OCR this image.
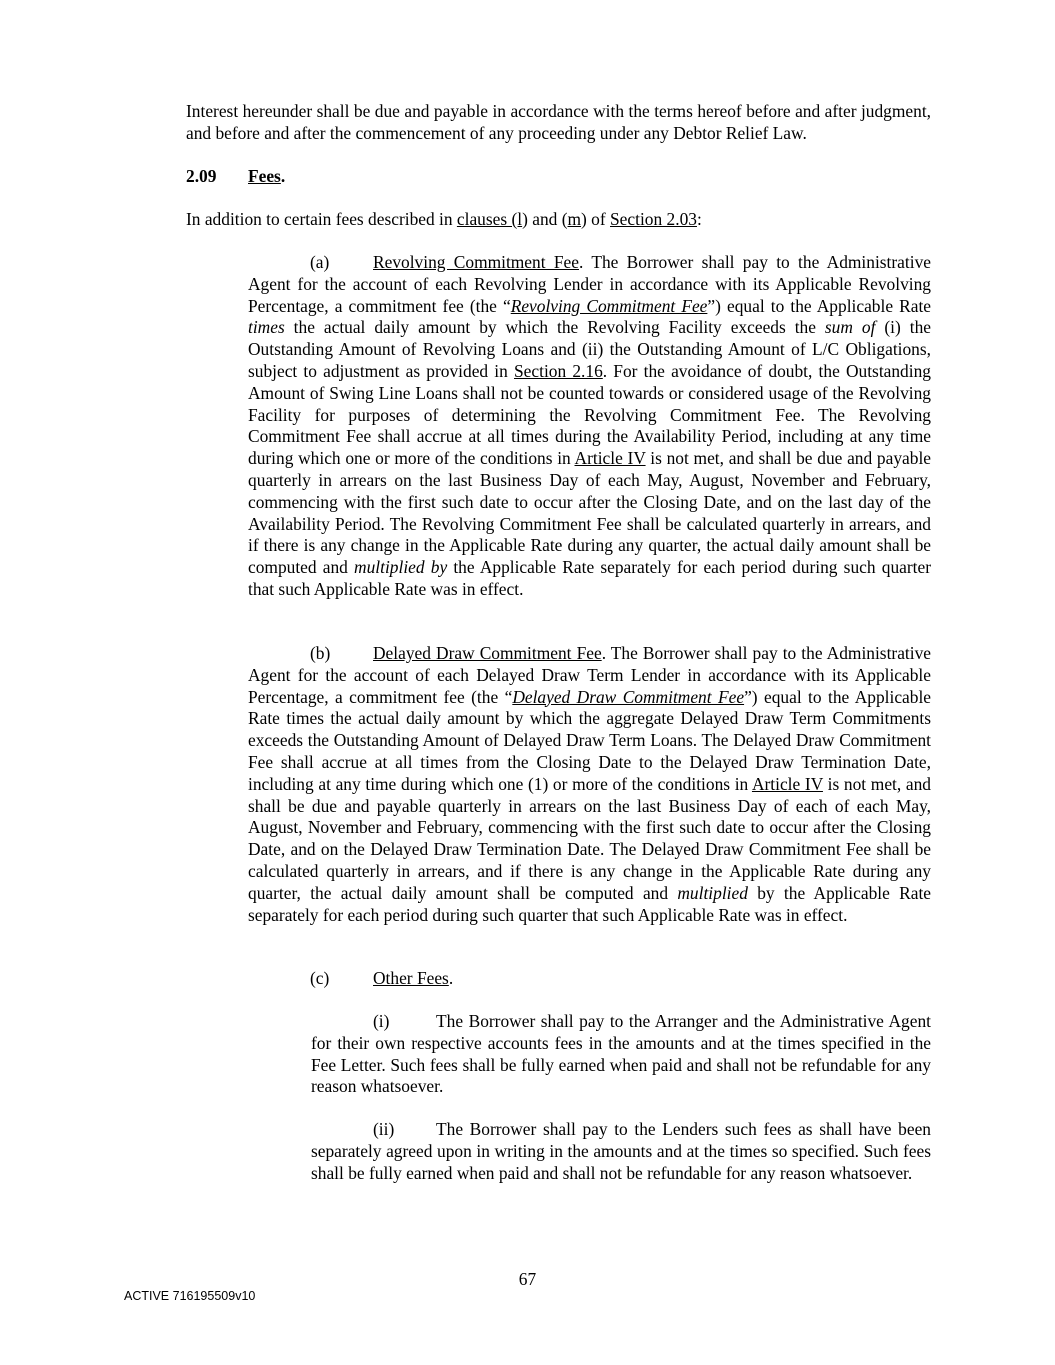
Interest hereunder shall be due and payable in accordance with the terms hereof before and after judgment, and before and after the commencement of any proceeding under any Debtor Relief Law.

2.09 Fees.

In addition to certain fees described in clauses (l) and (m) of Section 2.03:

(a)	Revolving Commitment Fee. The Borrower shall pay to the Administrative Agent for the account of each Revolving Lender in accordance with its Applicable Revolving Percentage, a commitment fee (the “Revolving Commitment Fee”) equal to the Applicable Rate times the actual daily amount by which the Revolving Facility exceeds the sum of (i) the Outstanding Amount of Revolving Loans and (ii) the Outstanding Amount of L/C Obligations, subject to adjustment as provided in Section 2.16. For the avoidance of doubt, the Outstanding Amount of Swing Line Loans shall not be counted towards or considered usage of the Revolving Facility for purposes of determining the Revolving Commitment Fee. The Revolving Commitment Fee shall accrue at all times during the Availability Period, including at any time during which one or more of the conditions in Article IV is not met, and shall be due and payable quarterly in arrears on the last Business Day of each May, August, November and February, commencing with the first such date to occur after the Closing Date, and on the last day of the Availability Period. The Revolving Commitment Fee shall be calculated quarterly in arrears, and if there is any change in the Applicable Rate during any quarter, the actual daily amount shall be computed and multiplied by the Applicable Rate separately for each period during such quarter that such Applicable Rate was in effect.

(b) Delayed Draw Commitment Fee. The Borrower shall pay to the Administrative Agent for the account of each Delayed Draw Term Lender in accordance with its Applicable Percentage, a commitment fee (the “Delayed Draw Commitment Fee”) equal to the Applicable Rate times the actual daily amount by which the aggregate Delayed Draw Term Commitments exceeds the Outstanding Amount of Delayed Draw Term Loans. The Delayed Draw Commitment Fee shall accrue at all times from the Closing Date to the Delayed Draw Termination Date, including at any time during which one (1) or more of the conditions in Article IV is not met, and shall be due and payable quarterly in arrears on the last Business Day of each of each May, August, November and February, commencing with the first such date to occur after the Closing Date, and on the Delayed Draw Termination Date. The Delayed Draw Commitment Fee shall be calculated quarterly in arrears, and if there is any change in the Applicable Rate during any quarter, the actual daily amount shall be computed and multiplied by the Applicable Rate separately for each period during such quarter that such Applicable Rate was in effect.

(c)	Other Fees.

(i)	The Borrower shall pay to the Arranger and the Administrative Agent for their own respective accounts fees in the amounts and at the times specified in the Fee Letter. Such fees shall be fully earned when paid and shall not be refundable for any reason whatsoever.

(ii) The Borrower shall pay to the Lenders such fees as shall have been separately agreed upon in writing in the amounts and at the times so specified. Such fees shall be fully earned when paid and shall not be refundable for any reason whatsoever.

67
ACTIVE 716195509v10
